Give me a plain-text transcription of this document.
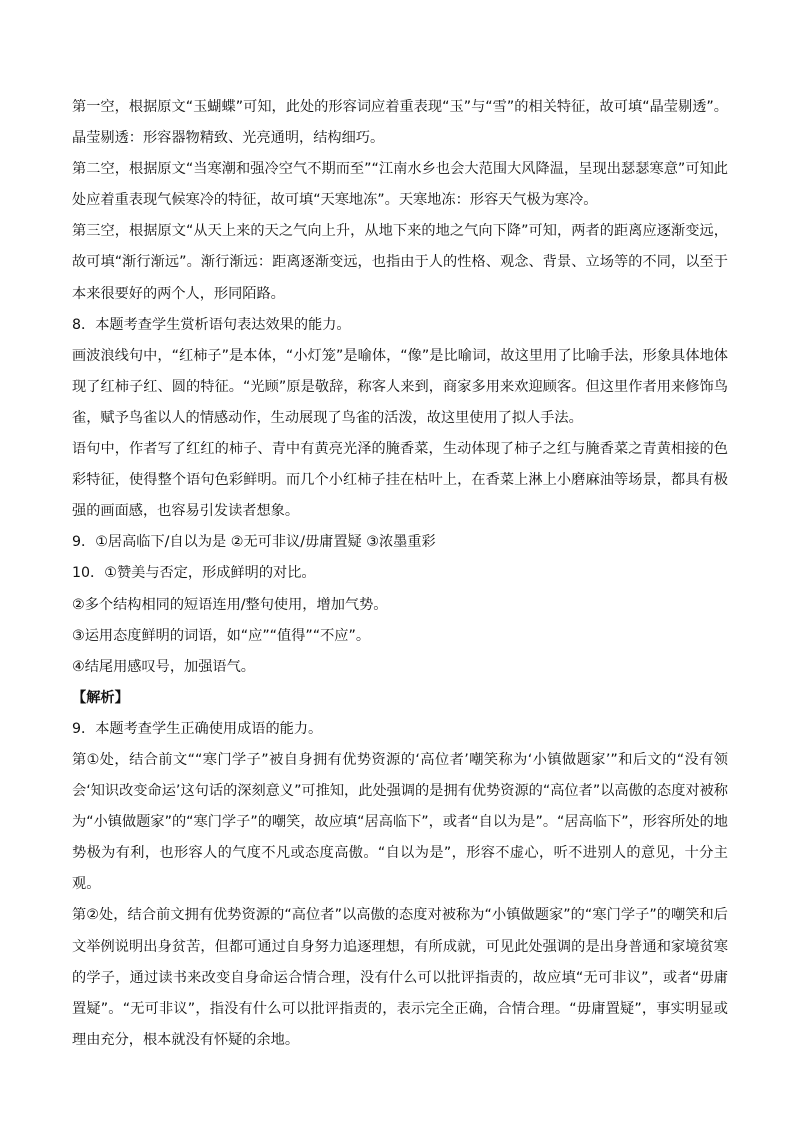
第一空，根据原文“玉蝴蝶”可知，此处的形容词应着重表现“玉”与“雪”的相关特征，故可填“晶莹剔透”。晶莹剔透：形容器物精致、光亮通明，结构细巧。

第二空，根据原文“当寒潮和强冷空气不期而至”“江南水乡也会大范围大风降温，呈现出瑟瑟寒意”可知此处应着重表现气候寒冷的特征，故可填“天寒地冻”。天寒地冻：形容天气极为寒冷。

第三空，根据原文“从天上来的天之气向上升，从地下来的地之气向下降”可知，两者的距离应逐渐变远，故可填“渐行渐远”。渐行渐远：距离逐渐变远，也指由于人的性格、观念、背景、立场等的不同，以至于本来很要好的两个人，形同陌路。

8．本题考查学生赏析语句表达效果的能力。

画波浪线句中，“红柿子”是本体，“小灯笼”是喻体，“像”是比喻词，故这里用了比喻手法，形象具体地体现了红柿子红、圆的特征。“光顾”原是敬辞，称客人来到，商家多用来欢迎顾客。但这里作者用来修饰鸟雀，赋予鸟雀以人的情感动作，生动展现了鸟雀的活泼，故这里使用了拟人手法。

语句中，作者写了红红的柿子、青中有黄亮光泽的腌香菜，生动体现了柿子之红与腌香菜之青黄相接的色彩特征，使得整个语句色彩鲜明。而几个小红柿子挂在枯叶上，在香菜上淋上小磨麻油等场景，都具有极强的画面感，也容易引发读者想象。

9．①居高临下/自以为是 ②无可非议/毋庸置疑 ③浓墨重彩

10．①赞美与否定，形成鲜明的对比。

②多个结构相同的短语连用/整句使用，增加气势。

③运用态度鲜明的词语，如“应”“值得”“不应”。

④结尾用感叹号，加强语气。

【解析】

9．本题考查学生正确使用成语的能力。

第①处，结合前文““寒门学子”被自身拥有优势资源的‘高位者’嘲笑称为‘小镇做题家’”和后文的“没有领会‘知识改变命运’这句话的深刻意义”可推知，此处强调的是拥有优势资源的“高位者”以高傲的态度对被称为“小镇做题家”的“寒门学子”的嘲笑，故应填“居高临下”，或者“自以为是”。“居高临下”，形容所处的地势极为有利，也形容人的气度不凡或态度高傲。“自以为是”，形容不虚心，听不进别人的意见，十分主观。

第②处，结合前文拥有优势资源的“高位者”以高傲的态度对被称为“小镇做题家”的“寒门学子”的嘲笑和后文举例说明出身贫苦，但都可通过自身努力追逐理想，有所成就，可见此处强调的是出身普通和家境贫寒的学子，通过读书来改变自身命运合情合理，没有什么可以批评指责的，故应填“无可非议”，或者“毋庸置疑”。“无可非议”，指没有什么可以批评指责的，表示完全正确，合情合理。“毋庸置疑”，事实明显或理由充分，根本就没有怀疑的余地。
